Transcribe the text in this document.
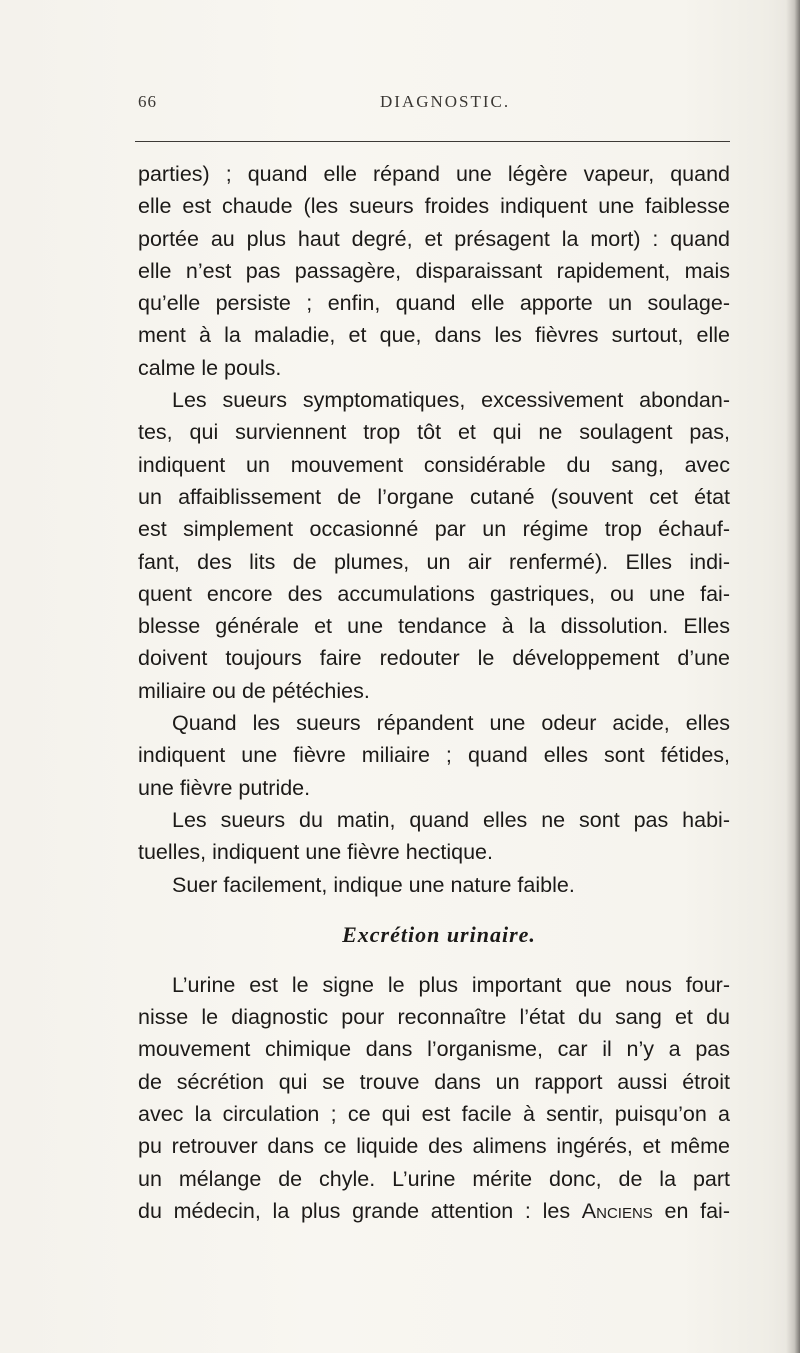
66	DIAGNOSTIC.
parties) ; quand elle répand une légère vapeur, quand
elle est chaude (les sueurs froides indiquent une faiblesse
portée au plus haut degré, et présagent la mort) : quand
elle n’est pas passagère, disparaissant rapidement, mais
qu’elle persiste ; enfin, quand elle apporte un soulage-
ment à la maladie, et que, dans les fièvres surtout, elle
calme le pouls.
Les sueurs symptomatiques, excessivement abondan-
tes, qui surviennent trop tôt et qui ne soulagent pas,
indiquent un mouvement considérable du sang, avec
un affaiblissement de l’organe cutané (souvent cet état
est simplement occasionné par un régime trop échauf-
fant, des lits de plumes, un air renfermé). Elles indi-
quent encore des accumulations gastriques, ou une fai-
blesse générale et une tendance à la dissolution. Elles
doivent toujours faire redouter le développement d’une
miliaire ou de pétéchies.
Quand les sueurs répandent une odeur acide, elles
indiquent une fièvre miliaire ; quand elles sont fétides,
une fièvre putride.
Les sueurs du matin, quand elles ne sont pas habi-
tuelles, indiquent une fièvre hectique.
Suer facilement, indique une nature faible.
Excrétion urinaire.
L’urine est le signe le plus important que nous four-
nisse le diagnostic pour reconnaître l’état du sang et du
mouvement chimique dans l’organisme, car il n’y a pas
de sécrétion qui se trouve dans un rapport aussi étroit
avec la circulation ; ce qui est facile à sentir, puisqu’on a
pu retrouver dans ce liquide des alimens ingérés, et même
un mélange de chyle. L’urine mérite donc, de la part
du médecin, la plus grande attention : les Anciens en fai-
